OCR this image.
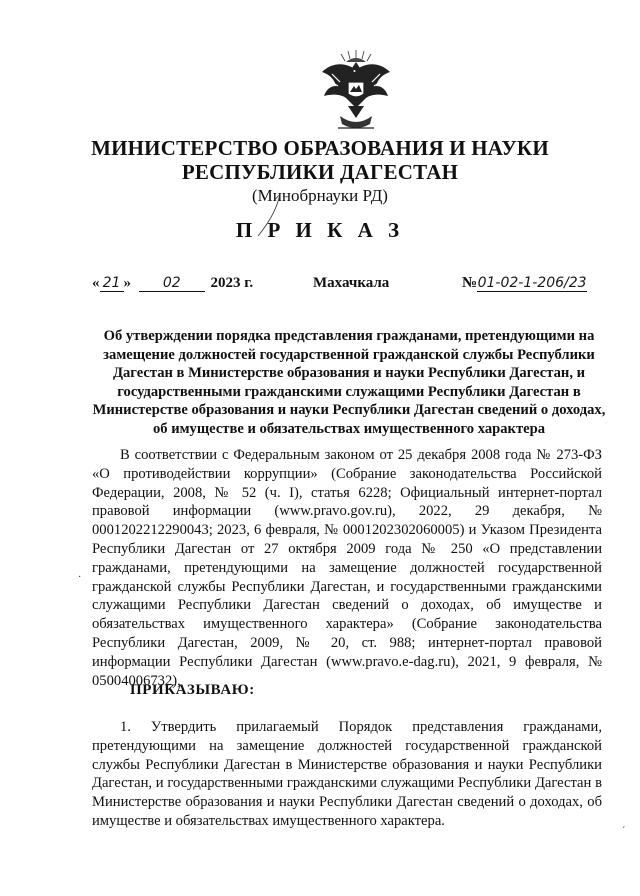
МИНИСТЕРСТВО ОБРАЗОВАНИЯ И НАУКИ
РЕСПУБЛИКИ ДАГЕСТАН
(Минобрнауки РД)
П Р И К А З
« 21 » 02 2023 г.	Махачкала	№01-02-1-206/23
Об утверждении порядка представления гражданами, претендующими на замещение должностей государственной гражданской службы Республики Дагестан в Министерстве образования и науки Республики Дагестан, и государственными гражданскими служащими Республики Дагестан в Министерстве образования и науки Республики Дагестан сведений о доходах, об имуществе и обязательствах имущественного характера
В соответствии с Федеральным законом от 25 декабря 2008 года № 273-ФЗ «О противодействии коррупции» (Собрание законодательства Российской Федерации, 2008, № 52 (ч. I), статья 6228; Официальный интернет-портал правовой информации (www.pravo.gov.ru), 2022, 29 декабря, № 0001202212290043; 2023, 6 февраля, № 0001202302060005) и Указом Президента Республики Дагестан от 27 октября 2009 года № 250 «О представлении гражданами, претендующими на замещение должностей государственной гражданской службы Республики Дагестан, и государственными гражданскими служащими Республики Дагестан сведений о доходах, об имуществе и обязательствах имущественного характера» (Собрание законодательства Республики Дагестан, 2009, № 20, ст. 988; интернет-портал правовой информации Республики Дагестан (www.pravo.e-dag.ru), 2021, 9 февраля, № 05004006732),
ПРИКАЗЫВАЮ:
1. Утвердить прилагаемый Порядок представления гражданами, претендующими на замещение должностей государственной гражданской службы Республики Дагестан в Министерстве образования и науки Республики Дагестан, и государственными гражданскими служащими Республики Дагестан в Министерстве образования и науки Республики Дагестан сведений о доходах, об имуществе и обязательствах имущественного характера.
·
ˊ
